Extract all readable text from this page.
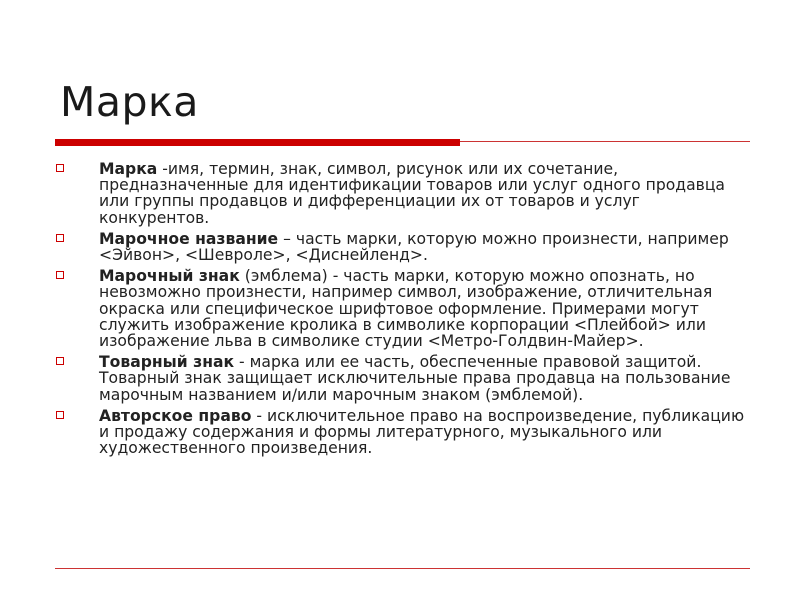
Марка
Марка -имя, термин, знак, символ, рисунок или их сочетание, предназначенные для идентификации товаров или услуг одного продавца или группы продавцов и дифференциации их от товаров и услуг конкурентов.
Марочное название – часть марки, которую можно произнести, например <Эйвон>, <Шевроле>, <Диснейленд>.
Марочный знак (эмблема) - часть марки, которую можно опознать, но невозможно произнести, например символ, изображение, отличительная окраска или специфическое шрифтовое оформление. Примерами могут служить изображение кролика в символике корпорации <Плейбой> или изображение льва в символике студии <Метро-Голдвин-Майер>.
Товарный знак - марка или ее часть, обеспеченные правовой защитой. Товарный знак защищает исключительные права продавца на пользование марочным названием и/или марочным знаком (эмблемой).
Авторское право - исключительное право на воспроизведение, публикацию и продажу содержания и формы литературного, музыкального или художественного произведения.
